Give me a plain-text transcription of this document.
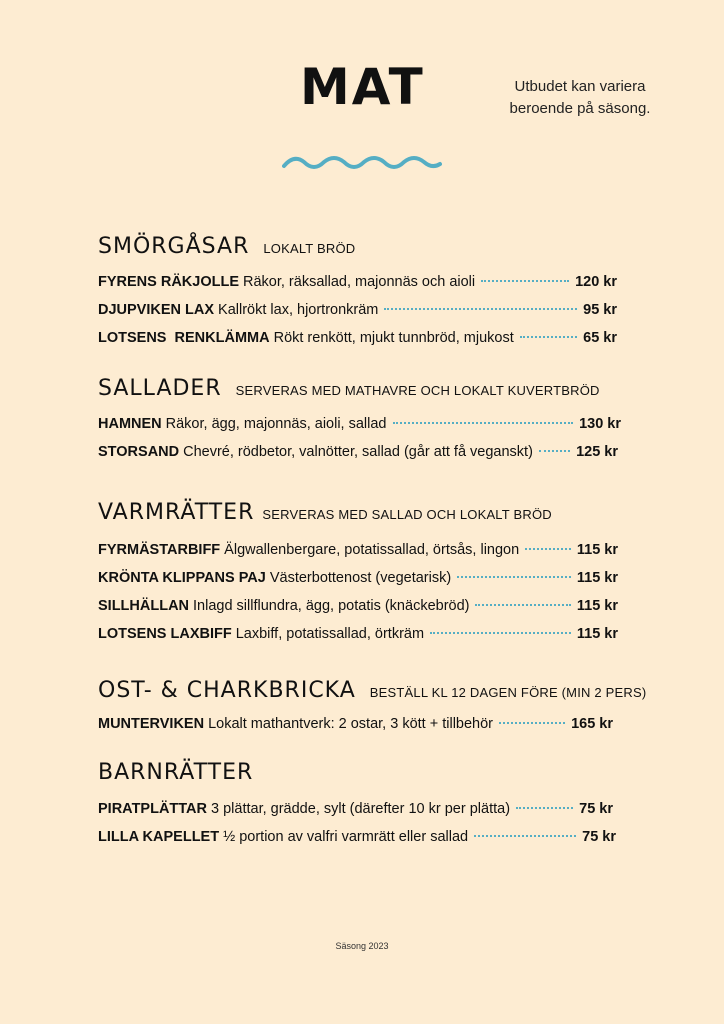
MAT	Utbudet kan variera
beroende på säsong.
SMÖRGÅSAR LOKALT BRÖD
FYRENS RÄKJOLLE Räkor, räksallad, majonnäs och aioli	120 kr
DJUPVIKEN LAX Kallrökt lax, hjortronkräm	95 kr
LOTSENS  RENKLÄMMA Rökt renkött, mjukt tunnbröd, mjukost	65 kr
SALLADER SERVERAS MED MATHAVRE OCH LOKALT KUVERTBRÖD
HAMNEN Räkor, ägg, majonnäs, aioli, sallad	130 kr
STORSAND Chevré, rödbetor, valnötter, sallad (går att få veganskt)	125 kr
VARMRÄTTER SERVERAS MED SALLAD OCH LOKALT BRÖD
FYRMÄSTARBIFF Älgwallenbergare, potatissallad, örtsås, lingon	115 kr
KRÖNTA KLIPPANS PAJ Västerbottenost (vegetarisk)	115 kr
SILLHÄLLAN Inlagd sillflundra, ägg, potatis (knäckebröd)	115 kr
LOTSENS LAXBIFF Laxbiff, potatissallad, örtkräm	115 kr
OST- & CHARKBRICKA BESTÄLL KL 12 DAGEN FÖRE (MIN 2 PERS)
MUNTERVIKEN Lokalt mathantverk: 2 ostar, 3 kött + tillbehör	165 kr
BARNRÄTTER
PIRATPLÄTTAR 3 plättar, grädde, sylt (därefter 10 kr per plätta)	75 kr
LILLA KAPELLET ½ portion av valfri varmrätt eller sallad	75 kr
Säsong 2023
